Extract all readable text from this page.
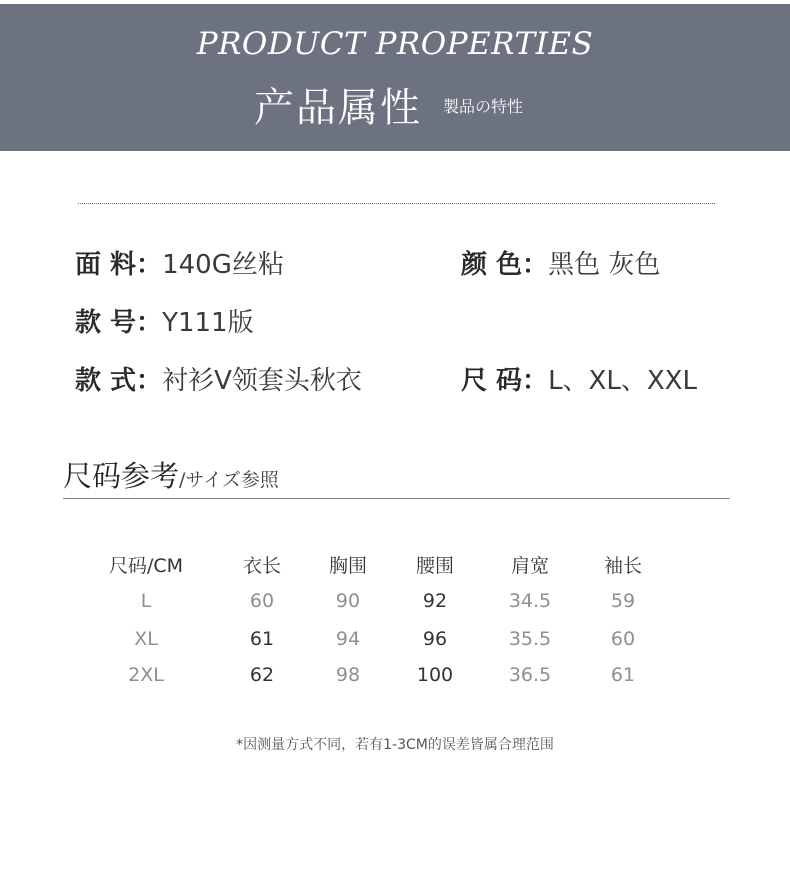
PRODUCT PROPERTIES
产品属性 製品の特性
面 料：140G丝粘	颜 色：黑色 灰色
款 号：Y111版
款 式：衬衫V领套头秋衣	尺 码：L、XL、XXL
尺码参考/サイズ参照
尺码/CM	衣长	胸围	腰围	肩宽	袖长
L	60	90	92	34.5	59
XL	61	94	96	35.5	60
2XL	62	98	100	36.5	61
*因测量方式不同，若有1-3CM的误差皆属合理范围
